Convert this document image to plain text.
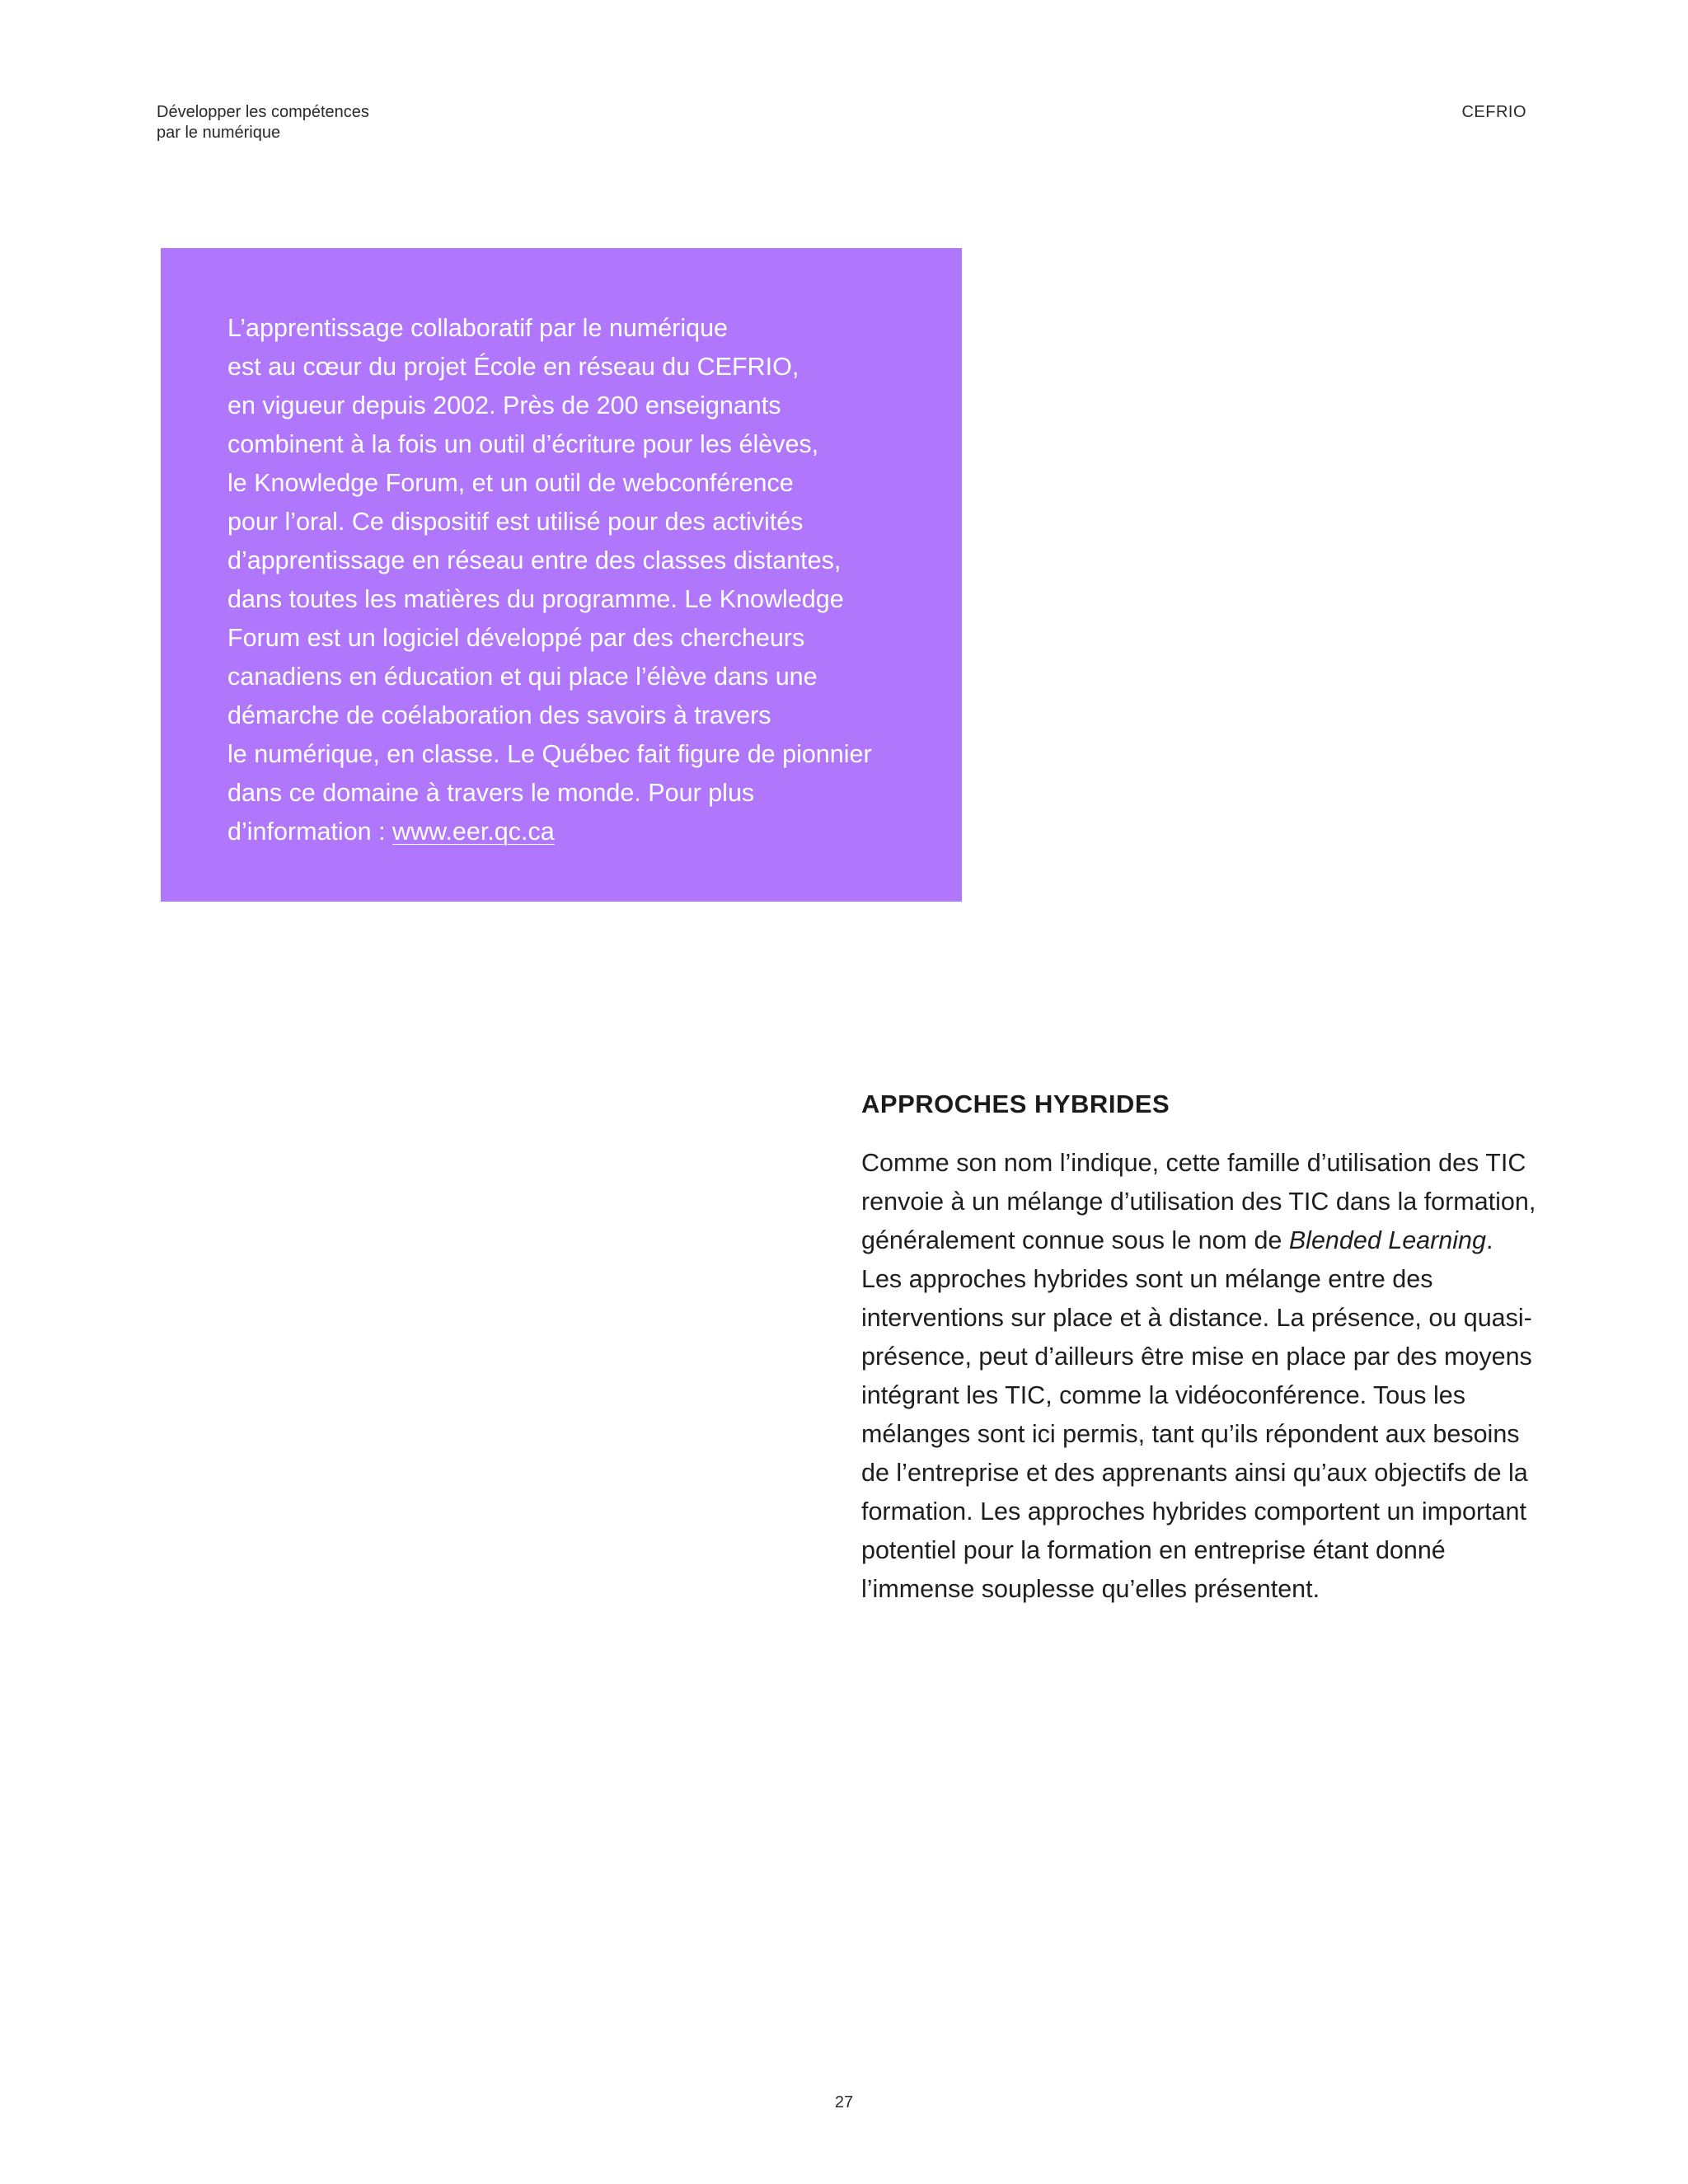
Développer les compétences
par le numérique
CEFRIO
L’apprentissage collaboratif par le numérique
est au cœur du projet École en réseau du CEFRIO,
en vigueur depuis 2002. Près de 200 enseignants
combinent à la fois un outil d’écriture pour les élèves,
le Knowledge Forum, et un outil de webconférence
pour l’oral. Ce dispositif est utilisé pour des activités
d’apprentissage en réseau entre des classes distantes,
dans toutes les matières du programme. Le Knowledge
Forum est un logiciel développé par des chercheurs
canadiens en éducation et qui place l’élève dans une
démarche de coélaboration des savoirs à travers
le numérique, en classe. Le Québec fait figure de pionnier
dans ce domaine à travers le monde. Pour plus
d’information : www.eer.qc.ca
APPROCHES HYBRIDES

Comme son nom l’indique, cette famille d’utilisation des TIC renvoie à un mélange d’utilisation des TIC dans la formation, généralement connue sous le nom de Blended Learning. Les approches hybrides sont un mélange entre des interventions sur place et à distance. La présence, ou quasi-présence, peut d’ailleurs être mise en place par des moyens intégrant les TIC, comme la vidéoconférence. Tous les mélanges sont ici permis, tant qu’ils répondent aux besoins de l’entreprise et des apprenants ainsi qu’aux objectifs de la formation. Les approches hybrides comportent un important potentiel pour la formation en entreprise étant donné l’immense souplesse qu’elles présentent.

27
